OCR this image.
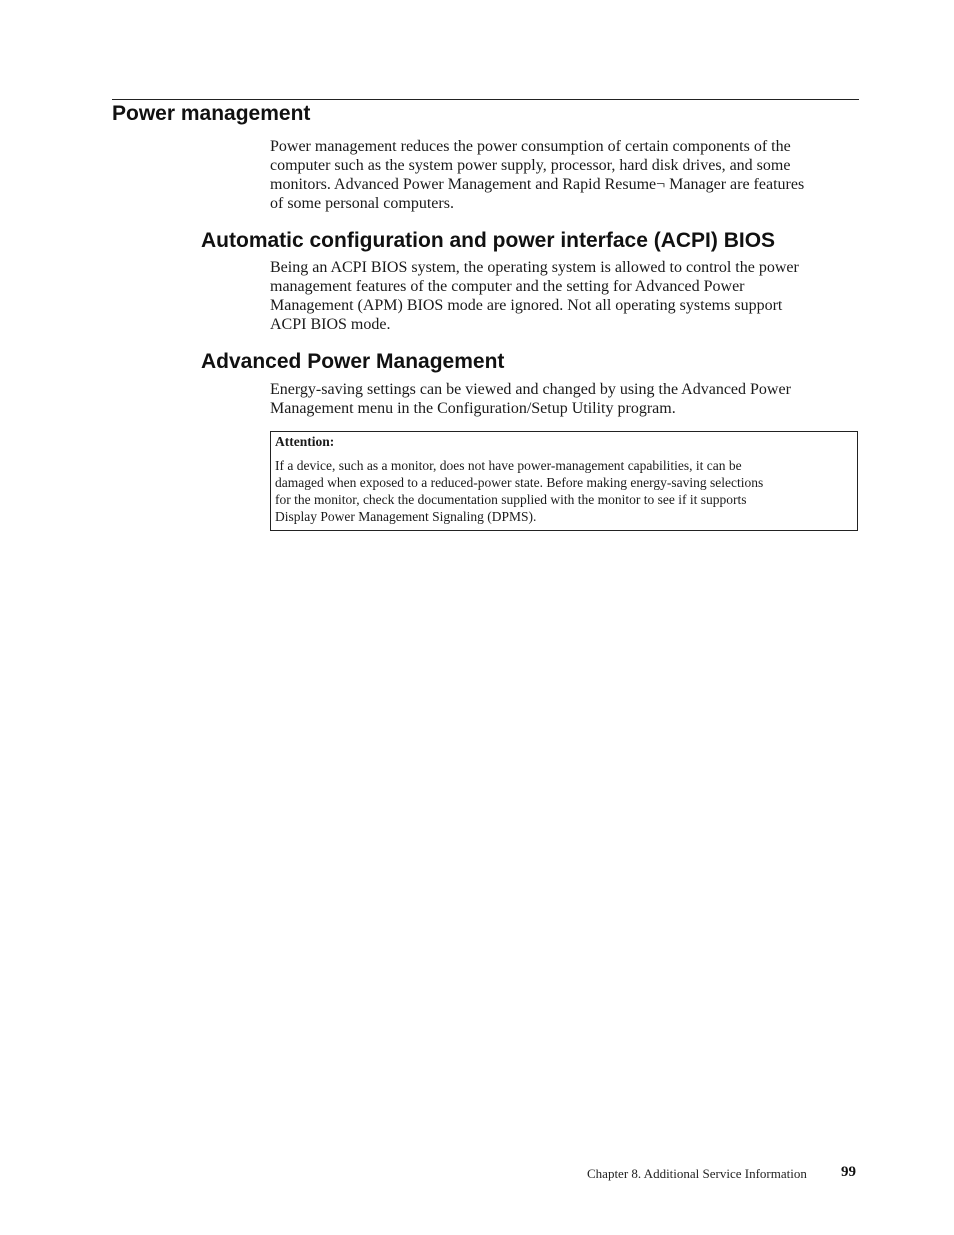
Power management

Power management reduces the power consumption of certain components of the
computer such as the system power supply, processor, hard disk drives, and some
monitors. Advanced Power Management and Rapid Resume¬ Manager are features
of some personal computers.

Automatic configuration and power interface (ACPI) BIOS

Being an ACPI BIOS system, the operating system is allowed to control the power
management features of the computer and the setting for Advanced Power
Management (APM) BIOS mode are ignored. Not all operating systems support
ACPI BIOS mode.

Advanced Power Management

Energy-saving settings can be viewed and changed by using the Advanced Power
Management menu in the Configuration/Setup Utility program.

Attention:

If a device, such as a monitor, does not have power-management capabilities, it can be
damaged when exposed to a reduced-power state. Before making energy-saving selections
for the monitor, check the documentation supplied with the monitor to see if it supports
Display Power Management Signaling (DPMS).

Chapter 8. Additional Service Information 99
